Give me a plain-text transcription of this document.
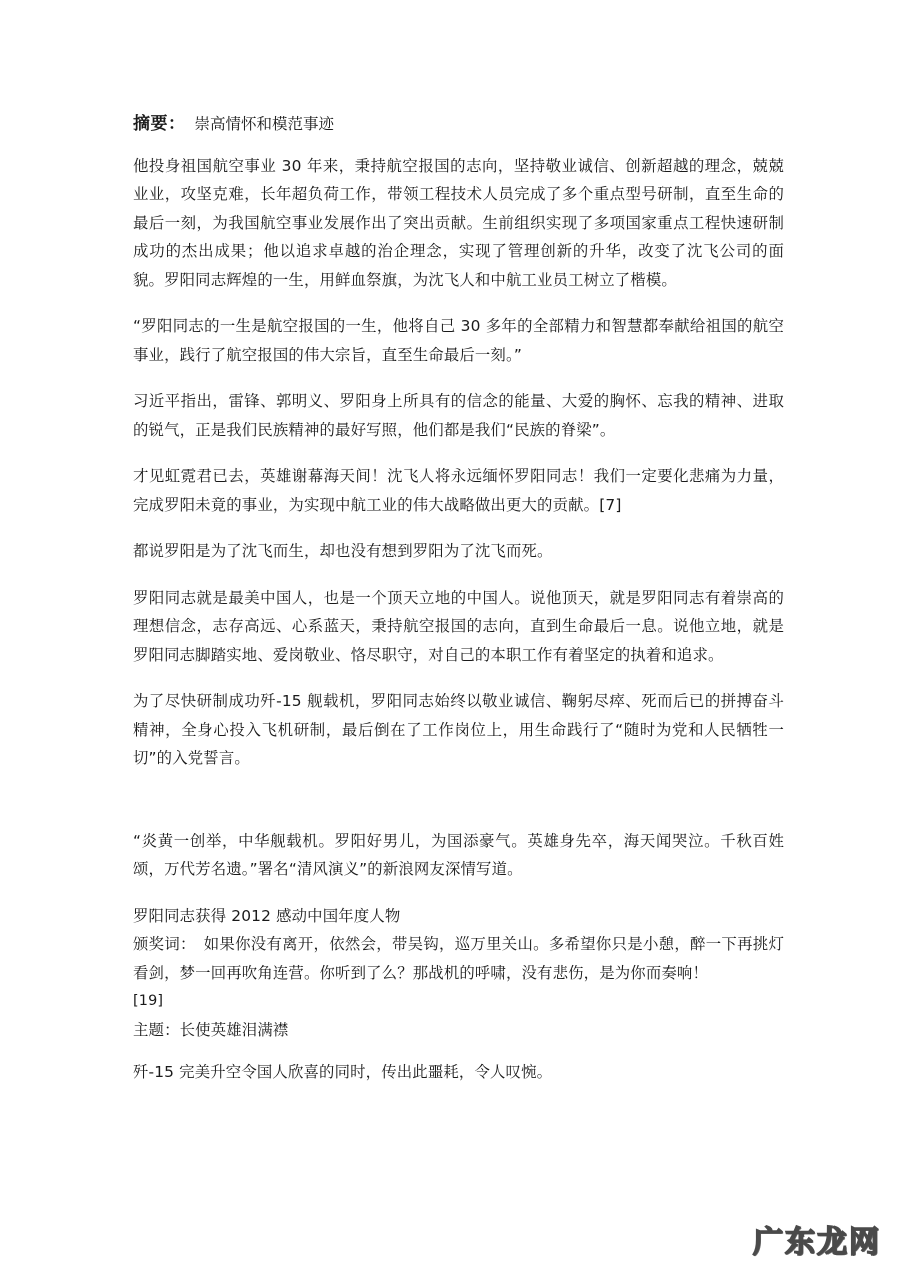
摘要： 崇高情怀和模范事迹

他投身祖国航空事业 30 年来，秉持航空报国的志向，坚持敬业诚信、创新超越的理念，兢兢业业，攻坚克难，长年超负荷工作，带领工程技术人员完成了多个重点型号研制，直至生命的最后一刻，为我国航空事业发展作出了突出贡献。生前组织实现了多项国家重点工程快速研制成功的杰出成果；他以追求卓越的治企理念，实现了管理创新的升华，改变了沈飞公司的面貌。罗阳同志辉煌的一生，用鲜血祭旗，为沈飞人和中航工业员工树立了楷模。

“罗阳同志的一生是航空报国的一生，他将自己 30 多年的全部精力和智慧都奉献给祖国的航空事业，践行了航空报国的伟大宗旨，直至生命最后一刻。”

习近平指出，雷锋、郭明义、罗阳身上所具有的信念的能量、大爱的胸怀、忘我的精神、进取的锐气，正是我们民族精神的最好写照，他们都是我们“民族的脊梁”。

才见虹霓君已去，英雄谢幕海天间！沈飞人将永远缅怀罗阳同志！我们一定要化悲痛为力量，完成罗阳未竟的事业，为实现中航工业的伟大战略做出更大的贡献。[7]

都说罗阳是为了沈飞而生，却也没有想到罗阳为了沈飞而死。

罗阳同志就是最美中国人，也是一个顶天立地的中国人。说他顶天，就是罗阳同志有着崇高的理想信念，志存高远、心系蓝天，秉持航空报国的志向，直到生命最后一息。说他立地，就是罗阳同志脚踏实地、爱岗敬业、恪尽职守，对自己的本职工作有着坚定的执着和追求。

为了尽快研制成功歼-15 舰载机，罗阳同志始终以敬业诚信、鞠躬尽瘁、死而后已的拼搏奋斗精神，全身心投入飞机研制，最后倒在了工作岗位上，用生命践行了“随时为党和人民牺牲一切”的入党誓言。

“炎黄一创举，中华舰载机。罗阳好男儿，为国添豪气。英雄身先卒，海天闻哭泣。千秋百姓颂，万代芳名遗。”署名“清风演义”的新浪网友深情写道。

罗阳同志获得 2012 感动中国年度人物

颁奖词：　如果你没有离开，依然会，带吴钩，巡万里关山。多希望你只是小憩，醉一下再挑灯看剑，梦一回再吹角连营。你听到了么？那战机的呼啸，没有悲伤，是为你而奏响！

[19]

主题：长使英雄泪满襟

歼-15 完美升空令国人欣喜的同时，传出此噩耗，令人叹惋。

广东龙网
